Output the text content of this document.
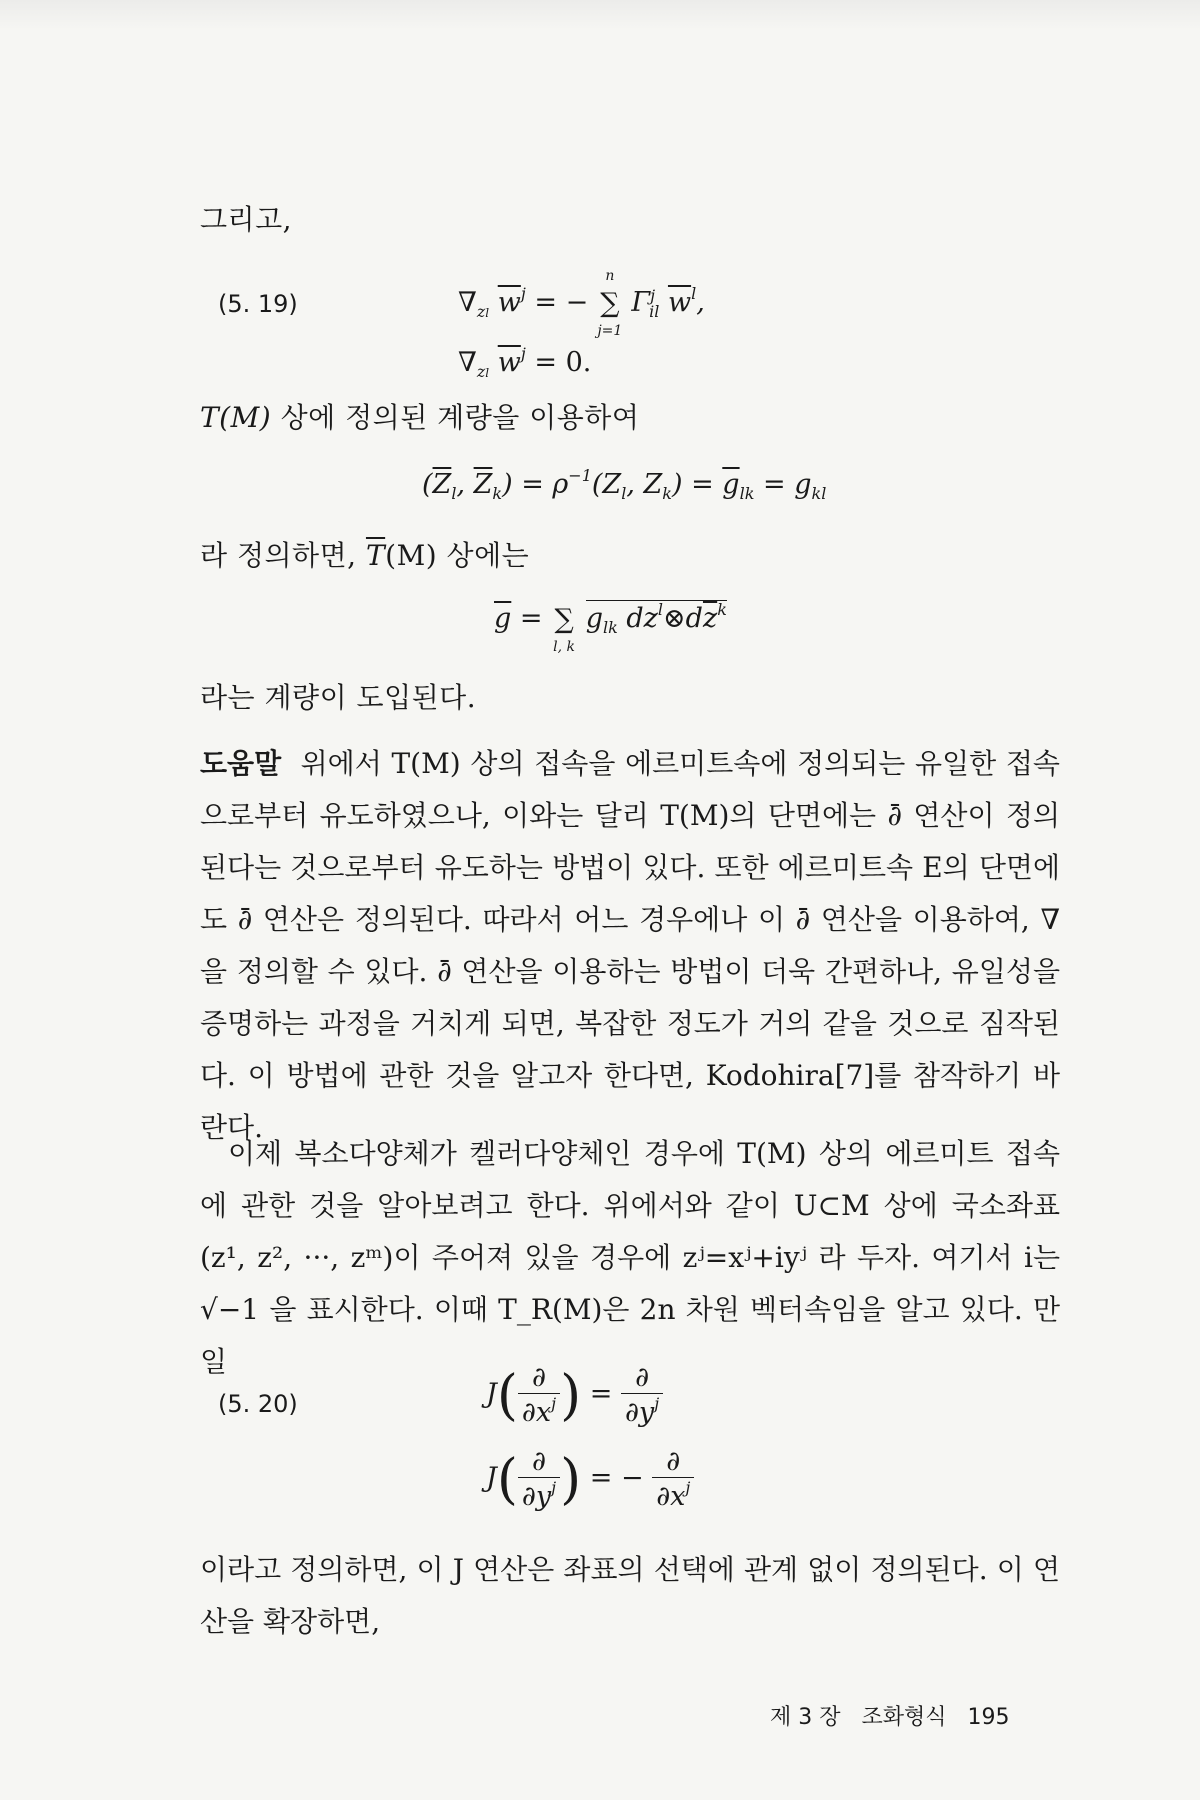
그리고,
(5. 19)	$\nabla_{zl}$ $\overline{w}^j$ = −
n
∑
j=1
$\Gamma^j_{il}$ $\overline{w}^l$,
$\nabla_{zl}$ $\overline{w}^j = 0$.
T(M) 상에 정의된 계량을 이용하여
($\overline{Z}_l$, $\overline{Z}_k) = \rho^{-1}(Z_l$, $Z_k) = \overline{g}_{lk} = g_{kl}$
라 정의하면, $\overline{T}(M)$ 상에는
$\overline{g}$ = ∑
l, k
$g_{lk}$ $dz^l\otimes d\overline{z}^k$
라는 계량이 도입된다.
도움말 위에서 T(M) 상의 접속을 에르미트속에 정의되는 유일한 접속으로부터 유도하였으나, 이와는 달리 T(M)의 단면에는 ∂̄ 연산이 정의된다는 것으로부터 유도하는 방법이 있다. 또한 에르미트속 E의 단면에도 ∂̄ 연산은 정의된다. 따라서 어느 경우에나 이 ∂̄ 연산을 이용하여, ∇을 정의할 수 있다. ∂̄ 연산을 이용하는 방법이 더욱 간편하나, 유일성을 증명하는 과정을 거치게 되면, 복잡한 정도가 거의 같을 것으로 짐작된다. 이 방법에 관한 것을 알고자 한다면, Kodohira[7]를 참작하기 바란다.
이제 복소다양체가 켈러다양체인 경우에 T(M) 상의 에르미트 접속에 관한 것을 알아보려고 한다. 위에서와 같이 U⊂M 상에 국소좌표 (z¹, z², ···, zᵐ)이 주어져 있을 경우에 zʲ=xʲ+iyʲ 라 두자. 여기서 i는 √−1 을 표시한다. 이때 T_R(M)은 2n 차원 벡터속임을 알고 있다. 만일
(5. 20)	$J( \frac{\partial}{\partial x^j}$ ) = $\frac{\partial}{\partial y^j}$
$J( \frac{\partial}{\partial y^j}$ ) = − $\frac{\partial}{\partial x^j}$
이라고 정의하면, 이 J 연산은 좌표의 선택에 관계 없이 정의된다. 이 연산을 확장하면,
제 3 장 조화형식 195
